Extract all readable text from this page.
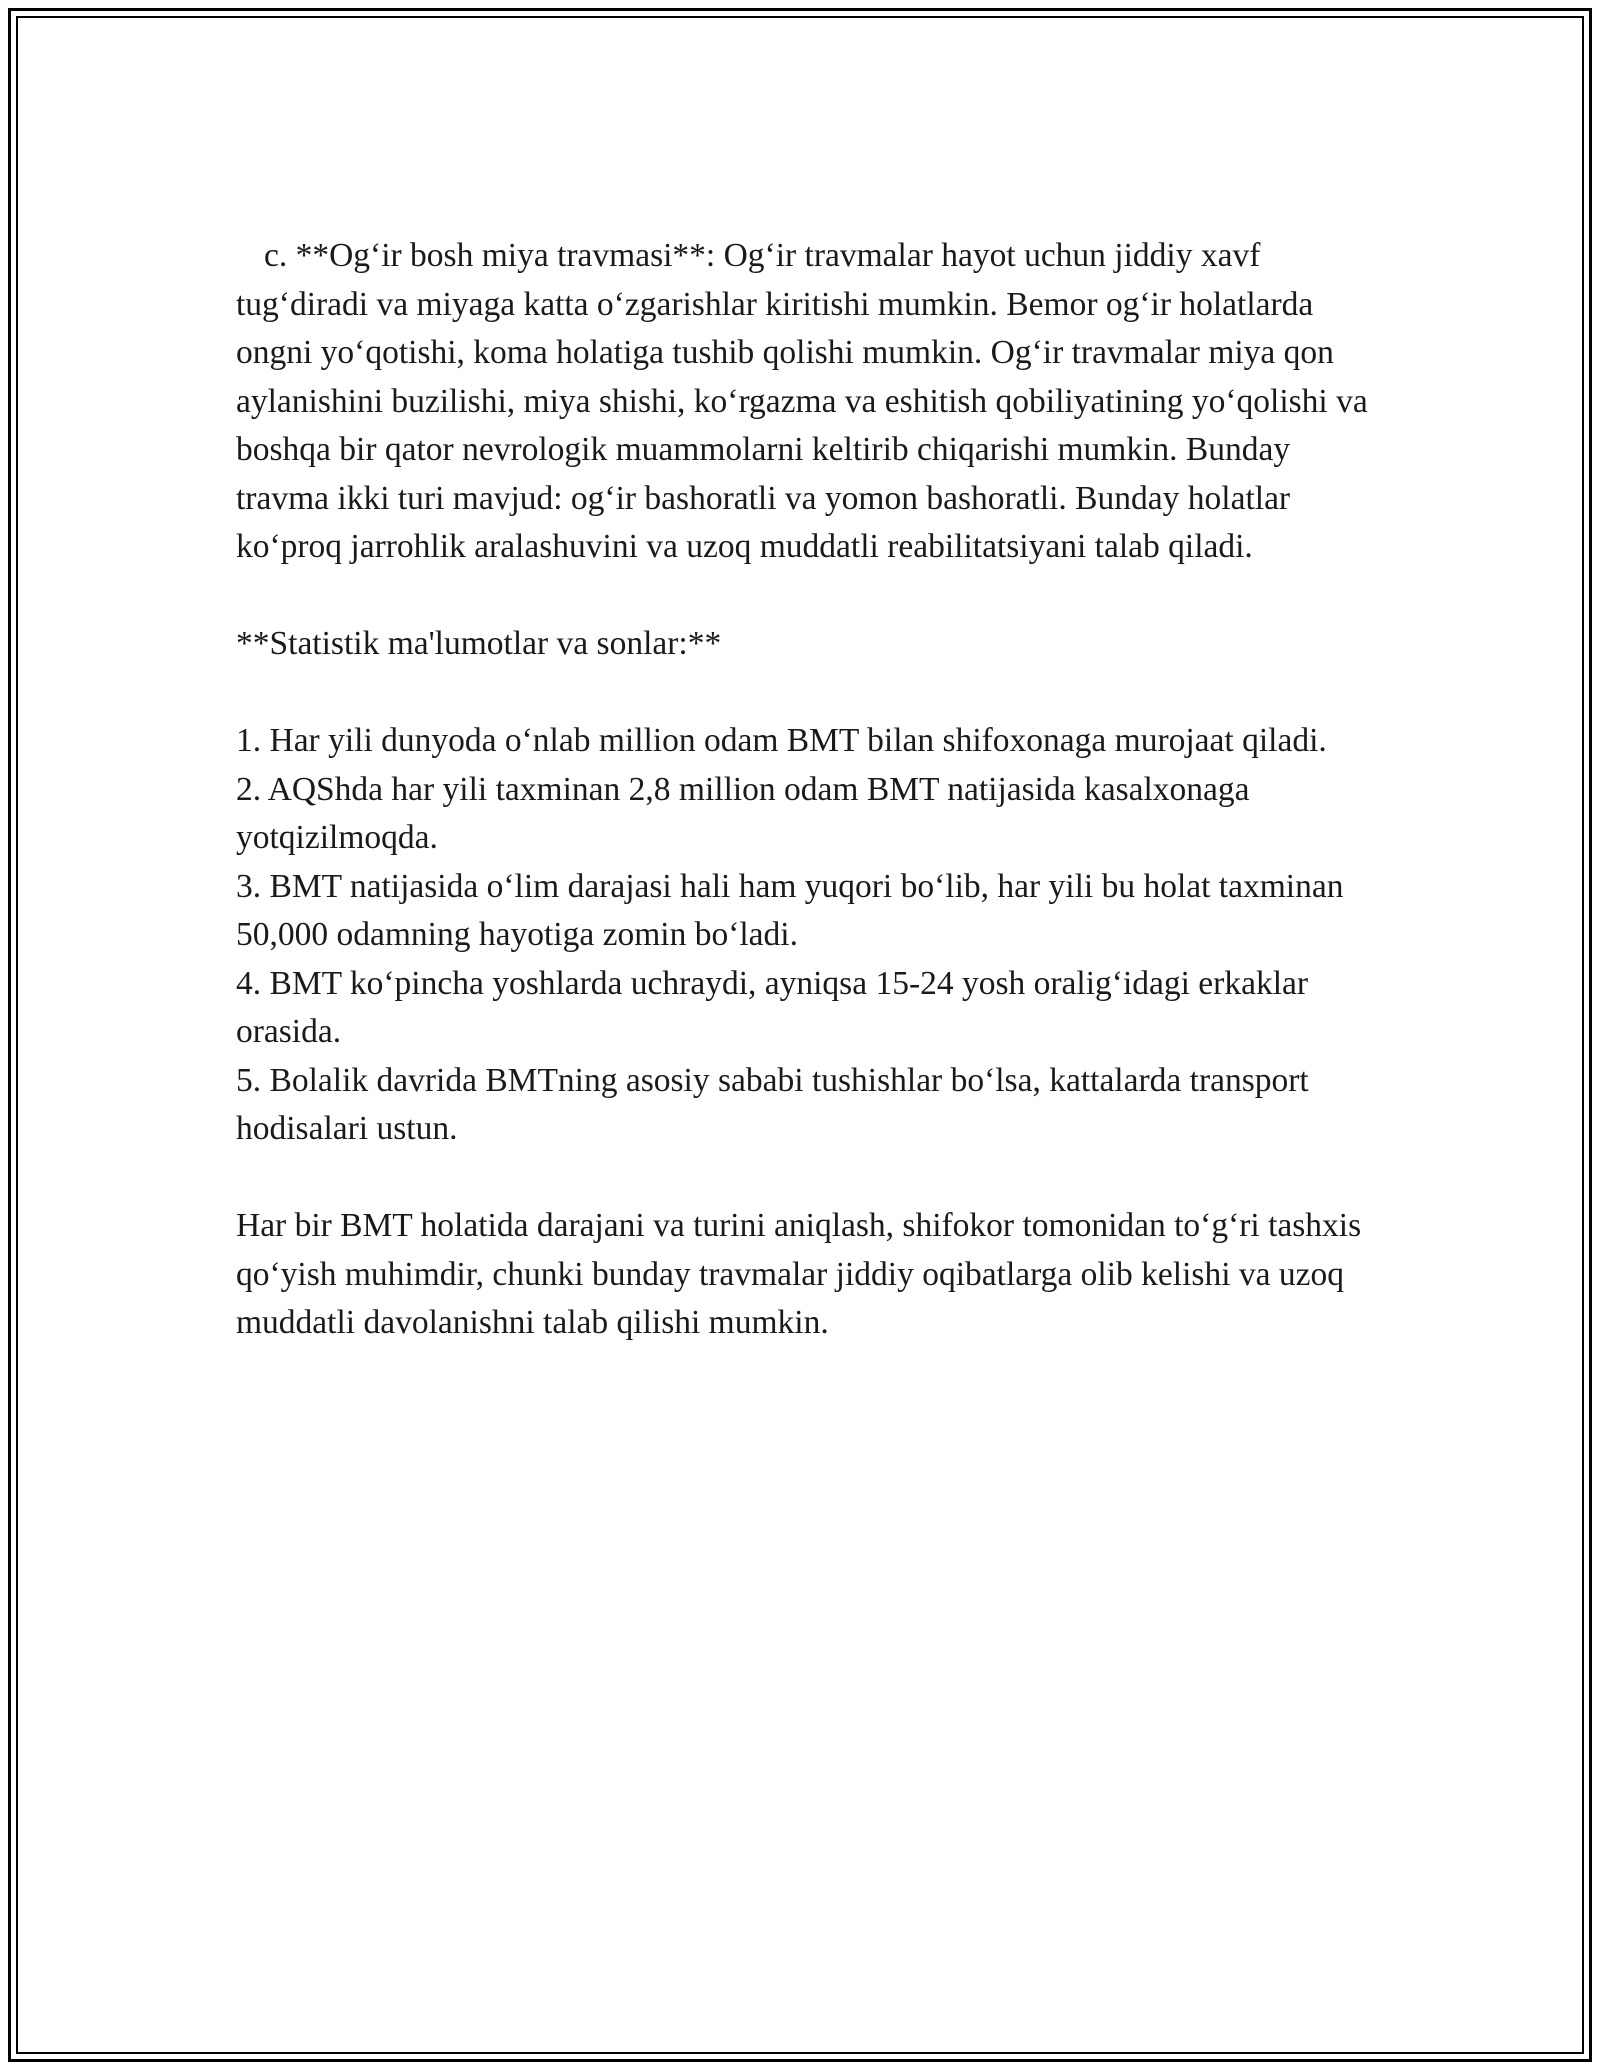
c. **Og‘ir bosh miya travmasi**: Og‘ir travmalar hayot uchun jiddiy xavf tug‘diradi va miyaga katta o‘zgarishlar kiritishi mumkin. Bemor og‘ir holatlarda ongni yo‘qotishi, koma holatiga tushib qolishi mumkin. Og‘ir travmalar miya qon aylanishini buzilishi, miya shishi, ko‘rgazma va eshitish qobiliyatining yo‘qolishi va boshqa bir qator nevrologik muammolarni keltirib chiqarishi mumkin. Bunday travma ikki turi mavjud: og‘ir bashoratli va yomon bashoratli. Bunday holatlar ko‘proq jarrohlik aralashuvini va uzoq muddatli reabilitatsiyani talab qiladi.

**Statistik ma'lumotlar va sonlar:**

1. Har yili dunyoda o‘nlab million odam BMT bilan shifoxonaga murojaat qiladi.

2. AQShda har yili taxminan 2,8 million odam BMT natijasida kasalxonaga yotqizilmoqda.

3. BMT natijasida o‘lim darajasi hali ham yuqori bo‘lib, har yili bu holat taxminan 50,000 odamning hayotiga zomin bo‘ladi.

4. BMT ko‘pincha yoshlarda uchraydi, ayniqsa 15-24 yosh oralig‘idagi erkaklar orasida.

5. Bolalik davrida BMTning asosiy sababi tushishlar bo‘lsa, kattalarda transport hodisalari ustun.

Har bir BMT holatida darajani va turini aniqlash, shifokor tomonidan to‘g‘ri tashxis qo‘yish muhimdir, chunki bunday travmalar jiddiy oqibatlarga olib kelishi va uzoq muddatli davolanishni talab qilishi mumkin.
